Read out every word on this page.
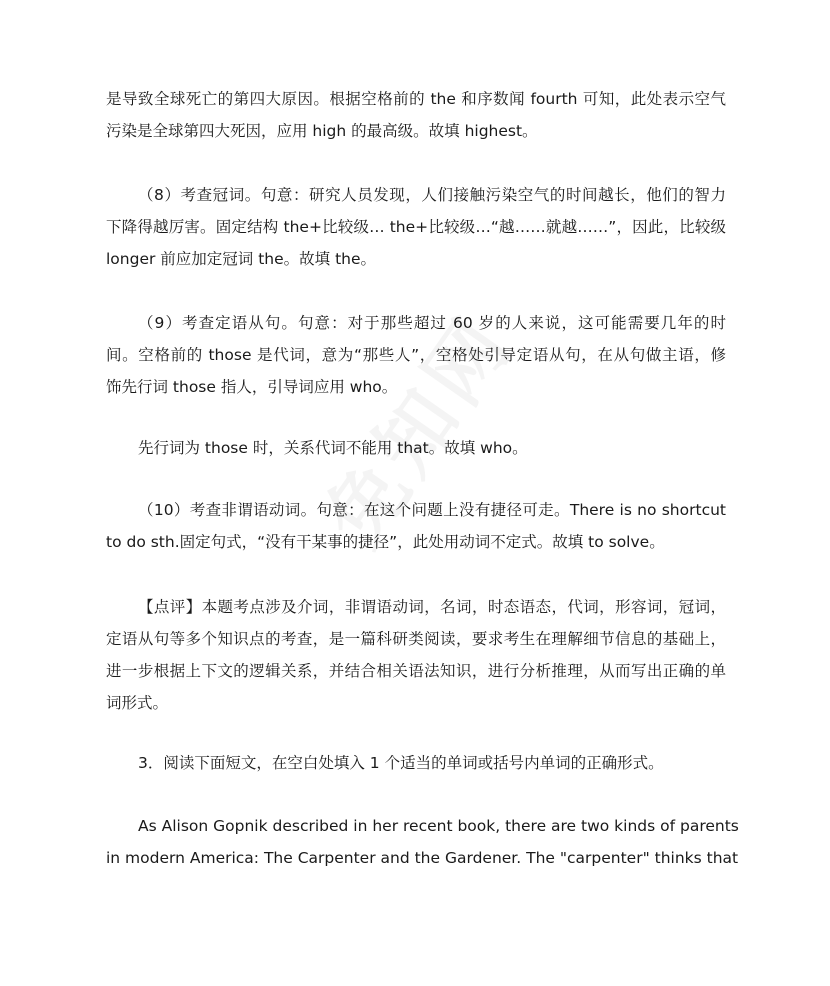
是导致全球死亡的第四大原因。根据空格前的 the 和序数闻 fourth 可知，此处表示空气
污染是全球第四大死因，应用 high 的最高级。故填 highest。
（8）考查冠词。句意：研究人员发现，人们接触污染空气的时间越长，他们的智力
下降得越厉害。固定结构 the+比较级… the+比较级…“越……就越……”，因此，比较级
longer 前应加定冠词 the。故填 the。
（9）考查定语从句。句意：对于那些超过 60 岁的人来说，这可能需要几年的时
间。空格前的 those 是代词，意为“那些人”，空格处引导定语从句，在从句做主语，修
饰先行词 those 指人，引导词应用 who。
先行词为 those 时，关系代词不能用 that。故填 who。
（10）考查非谓语动词。句意：在这个问题上没有捷径可走。There is no shortcut
to do sth.固定句式，“没有干某事的捷径”，此处用动词不定式。故填 to solve。
【点评】本题考点涉及介词，非谓语动词，名词，时态语态，代词，形容词，冠词，
定语从句等多个知识点的考查，是一篇科研类阅读，要求考生在理解细节信息的基础上，
进一步根据上下文的逻辑关系，并结合相关语法知识，进行分析推理，从而写出正确的单
词形式。
3．阅读下面短文，在空白处填入 1 个适当的单词或括号内单词的正确形式。
As Alison Gopnik described in her recent book, there are two kinds of parents
in modern America: The Carpenter and the Gardener. The "carpenter" thinks that
